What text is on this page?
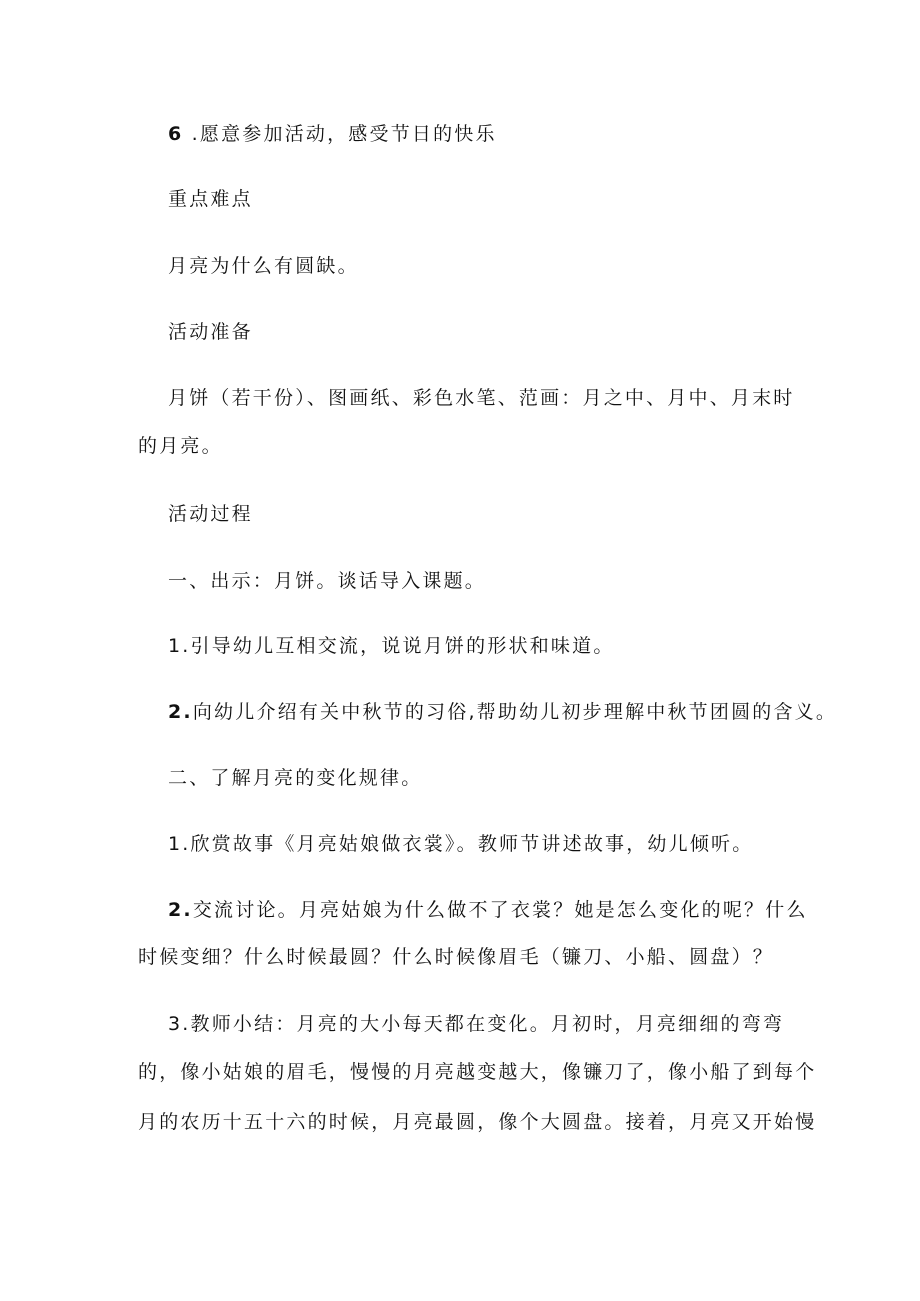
6 .愿意参加活动，感受节日的快乐
重点难点
月亮为什么有圆缺。
活动准备
月饼（若干份）、图画纸、彩色水笔、范画：月之中、月中、月末时
的月亮。
活动过程
一、出示：月饼。谈话导入课题。
1.引导幼儿互相交流，说说月饼的形状和味道。
2.向幼儿介绍有关中秋节的习俗,帮助幼儿初步理解中秋节团圆的含义。
二、了解月亮的变化规律。
1.欣赏故事《月亮姑娘做衣裳》。教师节讲述故事，幼儿倾听。
2.交流讨论。月亮姑娘为什么做不了衣裳？她是怎么变化的呢？什么
时候变细？什么时候最圆？什么时候像眉毛（镰刀、小船、圆盘）？
3.教师小结：月亮的大小每天都在变化。月初时，月亮细细的弯弯
的，像小姑娘的眉毛，慢慢的月亮越变越大，像镰刀了，像小船了到每个
月的农历十五十六的时候，月亮最圆，像个大圆盘。接着，月亮又开始慢
